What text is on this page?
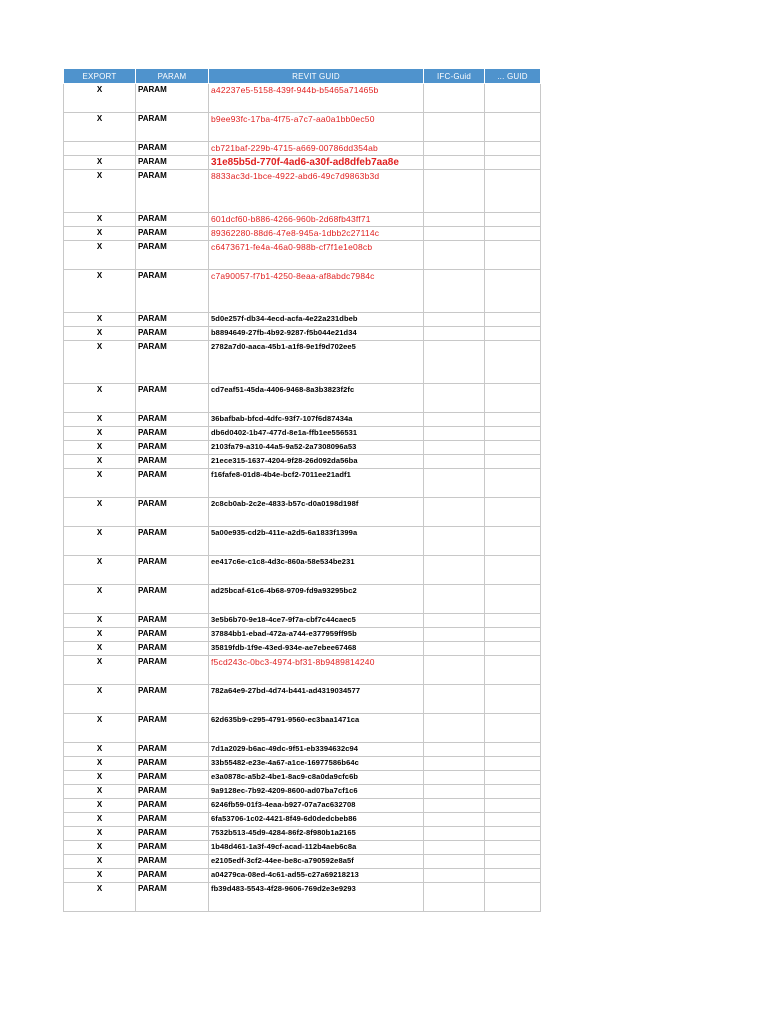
EXPORT	PARAM	REVIT GUID	IFC-Guid	... GUID
X	PARAM	a42237e5-5158-439f-944b-b5465a71465b		
X	PARAM	b9ee93fc-17ba-4f75-a7c7-aa0a1bb0ec50		
	PARAM	cb721baf-229b-4715-a669-00786dd354ab		
X	PARAM	31e85b5d-770f-4ad6-a30f-ad8dfeb7aa8e		
X	PARAM	8833ac3d-1bce-4922-abd6-49c7d9863b3d		
X	PARAM	601dcf60-b886-4266-960b-2d68fb43ff71		
X	PARAM	89362280-88d6-47e8-945a-1dbb2c27114c		
X	PARAM	c6473671-fe4a-46a0-988b-cf7f1e1e08cb		
X	PARAM	c7a90057-f7b1-4250-8eaa-af8abdc7984c		
X	PARAM	5d0e257f-db34-4ecd-acfa-4e22a231dbeb		
X	PARAM	b8894649-27fb-4b92-9287-f5b044e21d34		
X	PARAM	2782a7d0-aaca-45b1-a1f8-9e1f9d702ee5		
X	PARAM	cd7eaf51-45da-4406-9468-8a3b3823f2fc		
X	PARAM	36bafbab-bfcd-4dfc-93f7-107f6d87434a		
X	PARAM	db6d0402-1b47-477d-8e1a-ffb1ee556531		
X	PARAM	2103fa79-a310-44a5-9a52-2a7308096a53		
X	PARAM	21ece315-1637-4204-9f28-26d092da56ba		
X	PARAM	f16fafe8-01d8-4b4e-bcf2-7011ee21adf1		
X	PARAM	2c8cb0ab-2c2e-4833-b57c-d0a0198d198f		
X	PARAM	5a00e935-cd2b-411e-a2d5-6a1833f1399a		
X	PARAM	ee417c6e-c1c8-4d3c-860a-58e534be231		
X	PARAM	ad25bcaf-61c6-4b68-9709-fd9a93295bc2		
X	PARAM	3e5b6b70-9e18-4ce7-9f7a-cbf7c44caec5		
X	PARAM	37884bb1-ebad-472a-a744-e377959ff95b		
X	PARAM	35819fdb-1f9e-43ed-934e-ae7ebee67468		
X	PARAM	f5cd243c-0bc3-4974-bf31-8b9489814240		
X	PARAM	782a64e9-27bd-4d74-b441-ad4319034577		
X	PARAM	62d635b9-c295-4791-9560-ec3baa1471ca		
X	PARAM	7d1a2029-b6ac-49dc-9f51-eb3394632c94		
X	PARAM	33b55482-e23e-4a67-a1ce-16977586b64c		
X	PARAM	e3a0878c-a5b2-4be1-8ac9-c8a0da9cfc6b		
X	PARAM	9a9128ec-7b92-4209-8600-ad07ba7cf1c6		
X	PARAM	6246fb59-01f3-4eaa-b927-07a7ac632708		
X	PARAM	6fa53706-1c02-4421-8f49-6d0dedcbeb86		
X	PARAM	7532b513-45d9-4284-86f2-8f980b1a2165		
X	PARAM	1b48d461-1a3f-49cf-acad-112b4aeb6c8a		
X	PARAM	e2105edf-3cf2-44ee-be8c-a790592e8a5f		
X	PARAM	a04279ca-08ed-4c61-ad55-c27a69218213		
X	PARAM	fb39d483-5543-4f28-9606-769d2e3e9293		
